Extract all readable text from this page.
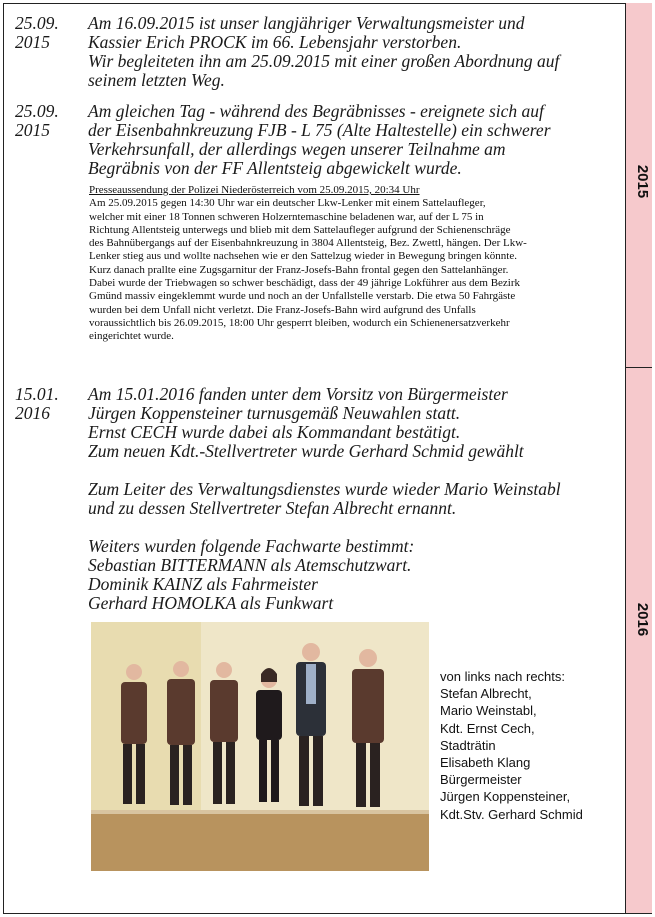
2015
2016
25.09.
2015

Am 16.09.2015 ist unser langjähriger Verwaltungsmeister und

Kassier Erich PROCK im 66. Lebensjahr verstorben.

Wir begleiteten ihn am 25.09.2015 mit einer großen Abordnung auf

seinem letzten Weg.

25.09.
2015

Am gleichen Tag - während des Begräbnisses - ereignete sich auf

der Eisenbahnkreuzung FJB - L 75 (Alte Haltestelle) ein schwerer

Verkehrsunfall, der allerdings wegen unserer Teilnahme am

Begräbnis von der FF Allentsteig abgewickelt wurde.

Presseaussendung der Polizei Niederösterreich vom 25.09.2015, 20:34 Uhr

Am 25.09.2015 gegen 14:30 Uhr war ein deutscher Lkw-Lenker mit einem Sattelaufleger,

welcher mit einer 18 Tonnen schweren Holzerntemaschine beladenen war, auf der L 75 in

Richtung Allentsteig unterwegs und blieb mit dem Sattelaufleger aufgrund der Schienenschräge

des Bahnübergangs auf der Eisenbahnkreuzung in 3804 Allentsteig, Bez. Zwettl, hängen. Der Lkw-

Lenker stieg aus und wollte nachsehen wie er den Sattelzug wieder in Bewegung bringen könnte.

Kurz danach prallte eine Zugsgarnitur der Franz-Josefs-Bahn frontal gegen den Sattelanhänger.

Dabei wurde der Triebwagen so schwer beschädigt, dass der 49 jährige Lokführer aus dem Bezirk

Gmünd massiv eingeklemmt wurde und noch an der Unfallstelle verstarb. Die etwa 50 Fahrgäste

wurden bei dem Unfall nicht verletzt. Die Franz-Josefs-Bahn wird aufgrund des Unfalls

voraussichtlich bis 26.09.2015, 18:00 Uhr gesperrt bleiben, wodurch ein Schienenersatzverkehr

eingerichtet wurde.

15.01.
2016

Am 15.01.2016 fanden unter dem Vorsitz von Bürgermeister

Jürgen Koppensteiner turnusgemäß Neuwahlen statt.

Ernst CECH wurde dabei als Kommandant bestätigt.

Zum neuen Kdt.-Stellvertreter wurde Gerhard Schmid gewählt

Zum Leiter des Verwaltungsdienstes wurde wieder Mario Weinstabl

und zu dessen Stellvertreter Stefan Albrecht ernannt.

Weiters wurden folgende Fachwarte bestimmt:

Sebastian BITTERMANN als Atemschutzwart.

Dominik KAINZ als Fahrmeister

Gerhard HOMOLKA als Funkwart

von links nach rechts:
Stefan Albrecht,
Mario Weinstabl,
Kdt. Ernst Cech,
Stadträtin
Elisabeth Klang
Bürgermeister
Jürgen Koppensteiner,
Kdt.Stv. Gerhard Schmid
